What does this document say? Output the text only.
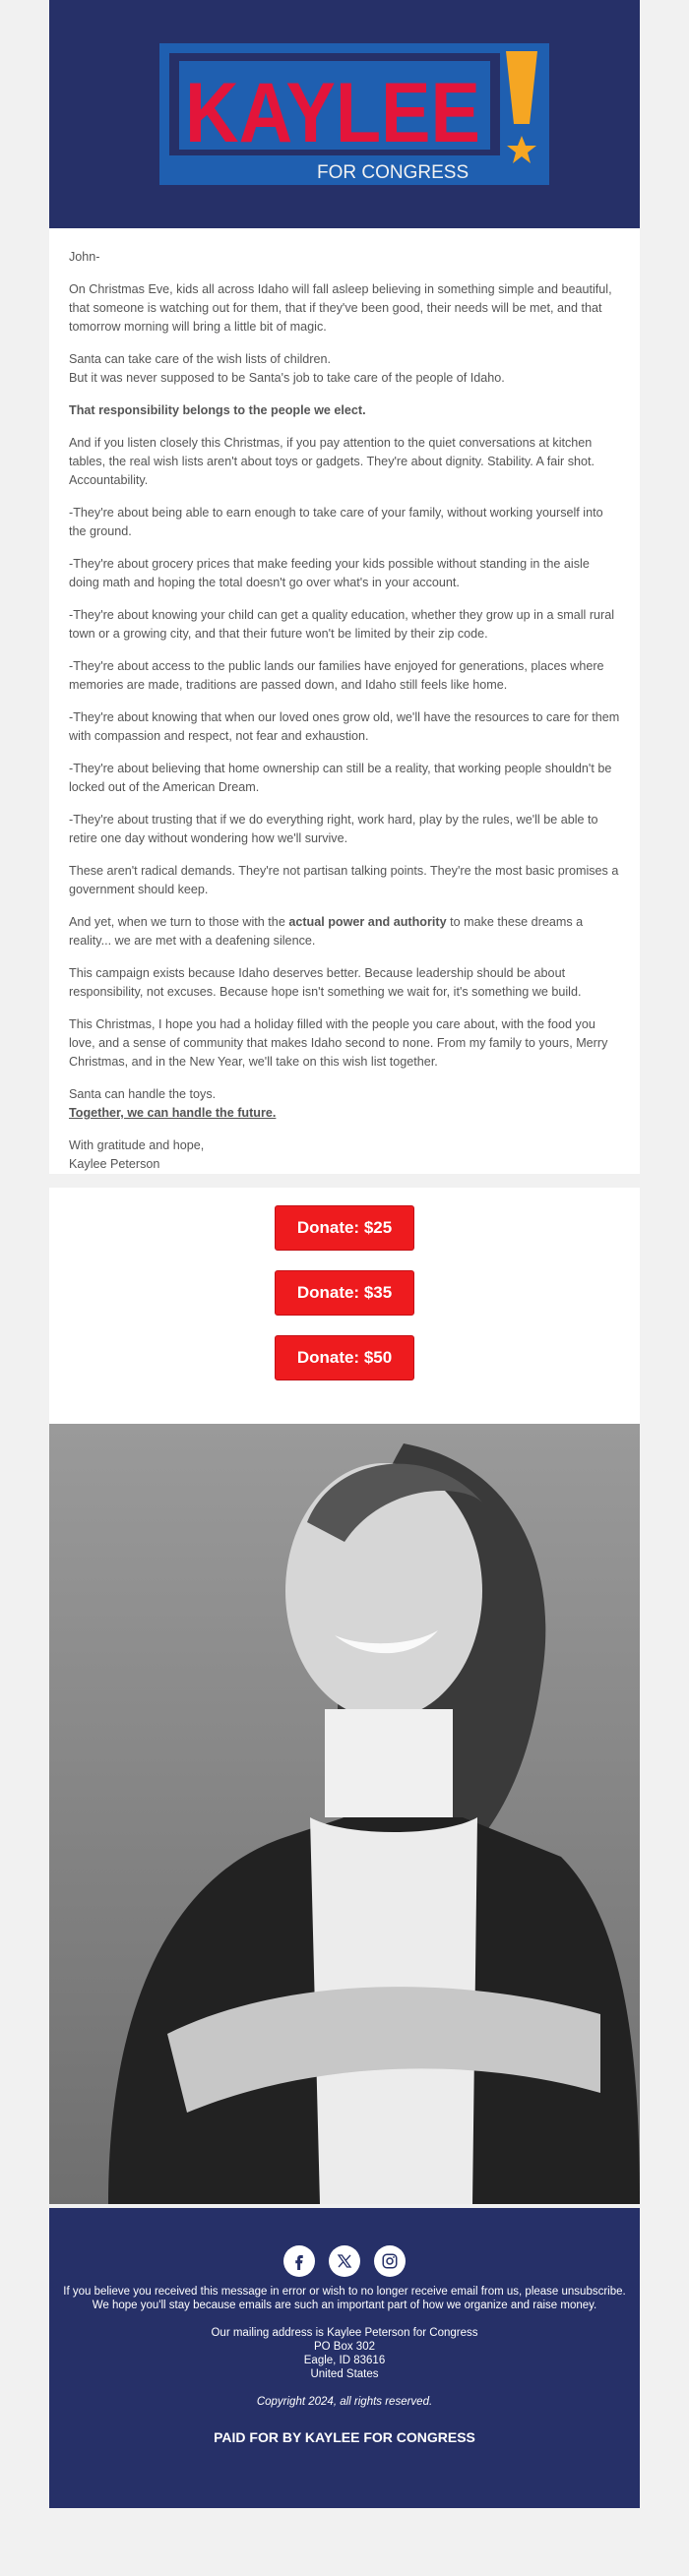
KAYLEE
FOR CONGRESS

John-

On Christmas Eve, kids all across Idaho will fall asleep believing in something simple and beautiful, that someone is watching out for them, that if they've been good, their needs will be met, and that tomorrow morning will bring a little bit of magic.

Santa can take care of the wish lists of children.
But it was never supposed to be Santa's job to take care of the people of Idaho.

That responsibility belongs to the people we elect.

And if you listen closely this Christmas, if you pay attention to the quiet conversations at kitchen tables, the real wish lists aren't about toys or gadgets. They're about dignity. Stability. A fair shot. Accountability.

-They're about being able to earn enough to take care of your family, without working yourself into the ground.

-They're about grocery prices that make feeding your kids possible without standing in the aisle doing math and hoping the total doesn't go over what's in your account.

-They're about knowing your child can get a quality education, whether they grow up in a small rural town or a growing city, and that their future won't be limited by their zip code.

-They're about access to the public lands our families have enjoyed for generations, places where memories are made, traditions are passed down, and Idaho still feels like home.

-They're about knowing that when our loved ones grow old, we'll have the resources to care for them with compassion and respect, not fear and exhaustion.

-They're about believing that home ownership can still be a reality, that working people shouldn't be locked out of the American Dream.

-They're about trusting that if we do everything right, work hard, play by the rules, we'll be able to retire one day without wondering how we'll survive.

These aren't radical demands. They're not partisan talking points. They're the most basic promises a government should keep.

And yet, when we turn to those with the actual power and authority to make these dreams a reality... we are met with a deafening silence.

This campaign exists because Idaho deserves better. Because leadership should be about responsibility, not excuses. Because hope isn't something we wait for, it's something we build.

This Christmas, I hope you had a holiday filled with the people you care about, with the food you love, and a sense of community that makes Idaho second to none. From my family to yours, Merry Christmas, and in the New Year, we'll take on this wish list together.

Santa can handle the toys.
Together, we can handle the future.

With gratitude and hope,
Kaylee Peterson

Donate: $25
Donate: $35
Donate: $50

If you believe you received this message in error or wish to no longer receive email from us, please unsubscribe. We hope you'll stay because emails are such an important part of how we organize and raise money.

Our mailing address is Kaylee Peterson for Congress
PO Box 302
Eagle, ID 83616
United States

Copyright 2024, all rights reserved.

PAID FOR BY KAYLEE FOR CONGRESS
